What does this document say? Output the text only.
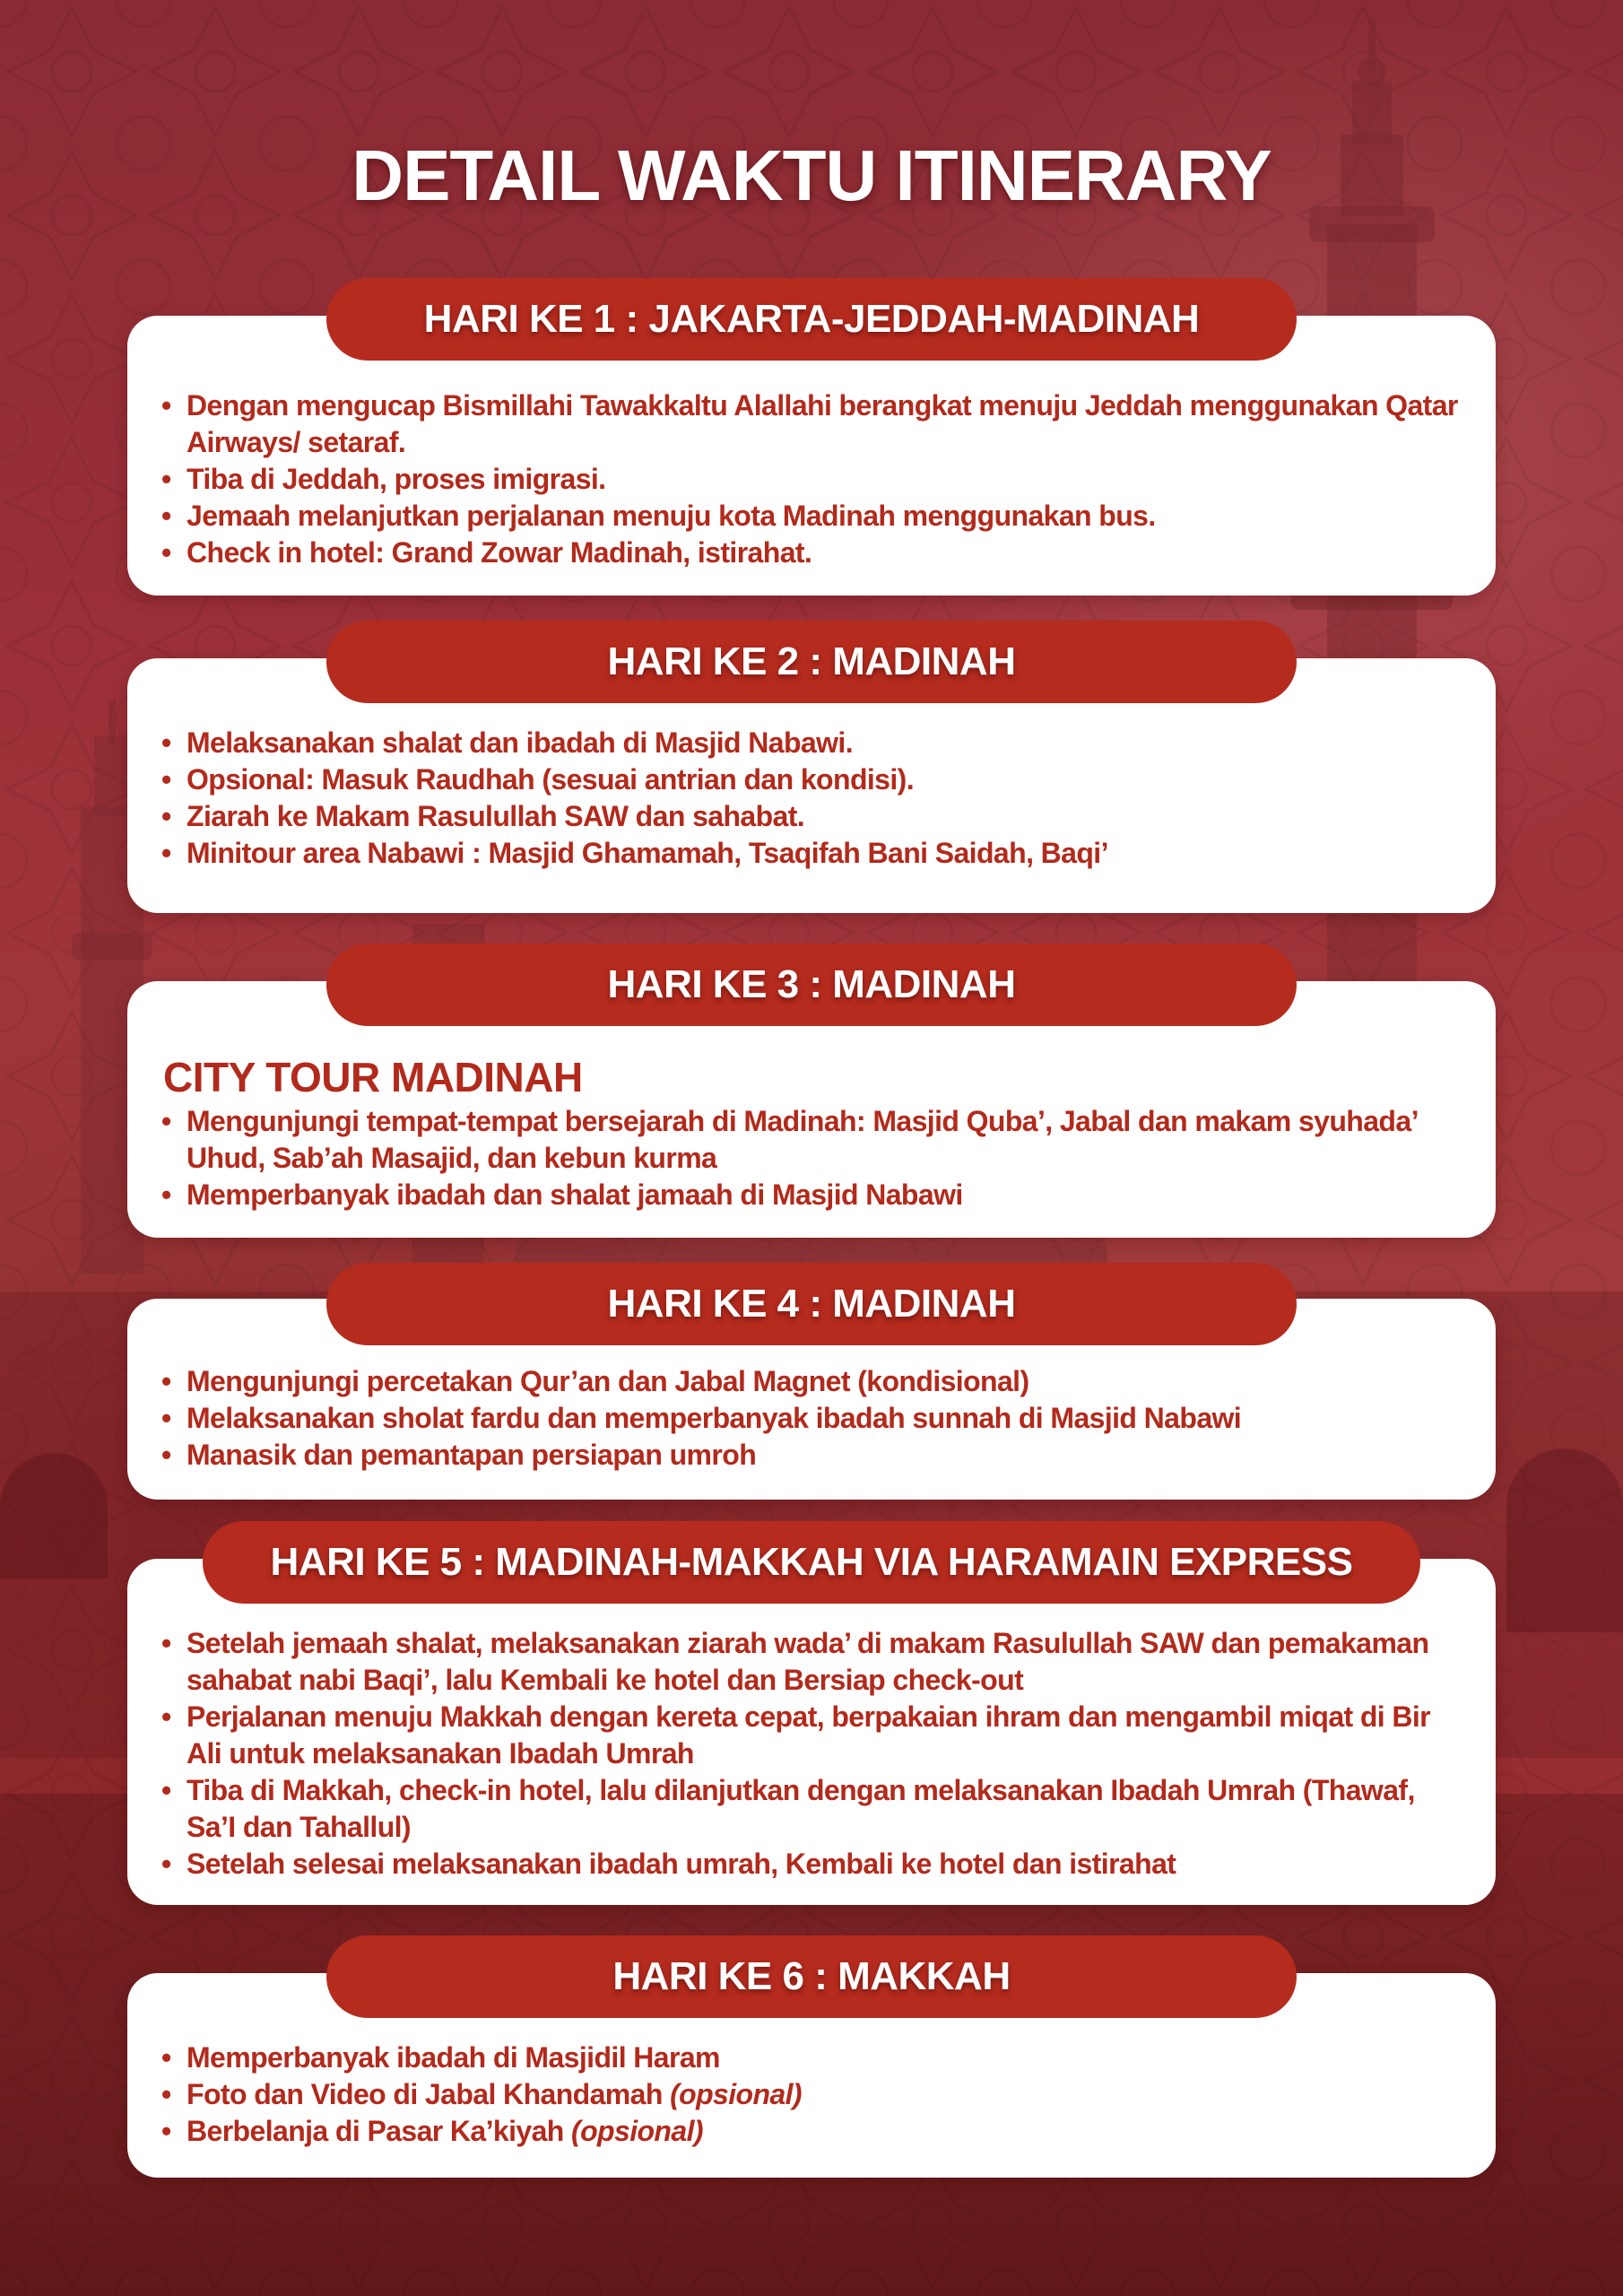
DETAIL WAKTU ITINERARY
• Dengan mengucap Bismillahi Tawakkaltu Alallahi berangkat menuju Jeddah menggunakan Qatar Airways/ setaraf.
• Tiba di Jeddah, proses imigrasi.
• Jemaah melanjutkan perjalanan menuju kota Madinah menggunakan bus.
• Check in hotel: Grand Zowar Madinah, istirahat.
HARI KE 1 : JAKARTA-JEDDAH-MADINAH
• Melaksanakan shalat dan ibadah di Masjid Nabawi.
• Opsional: Masuk Raudhah (sesuai antrian dan kondisi).
• Ziarah ke Makam Rasulullah SAW dan sahabat.
• Minitour area Nabawi : Masjid Ghamamah, Tsaqifah Bani Saidah, Baqi’
HARI KE 2 : MADINAH
CITY TOUR MADINAH
• Mengunjungi tempat-tempat bersejarah di Madinah: Masjid Quba’, Jabal dan makam syuhada’ Uhud, Sab’ah Masajid, dan kebun kurma
• Memperbanyak ibadah dan shalat jamaah di Masjid Nabawi
HARI KE 3 : MADINAH
• Mengunjungi percetakan Qur’an dan Jabal Magnet (kondisional)
• Melaksanakan sholat fardu dan memperbanyak ibadah sunnah di Masjid Nabawi
• Manasik dan pemantapan persiapan umroh
HARI KE 4 : MADINAH
• Setelah jemaah shalat, melaksanakan ziarah wada’ di makam Rasulullah SAW dan pemakaman sahabat nabi Baqi’, lalu Kembali ke hotel dan Bersiap check-out
• Perjalanan menuju Makkah dengan kereta cepat, berpakaian ihram dan mengambil miqat di Bir Ali untuk melaksanakan Ibadah Umrah
• Tiba di Makkah, check-in hotel, lalu dilanjutkan dengan melaksanakan Ibadah Umrah (Thawaf, Sa’I dan Tahallul)
• Setelah selesai melaksanakan ibadah umrah, Kembali ke hotel dan istirahat
HARI KE 5 : MADINAH-MAKKAH VIA HARAMAIN EXPRESS
• Memperbanyak ibadah di Masjidil Haram
• Foto dan Video di Jabal Khandamah (opsional)
• Berbelanja di Pasar Ka’kiyah (opsional)
HARI KE 6 : MAKKAH
